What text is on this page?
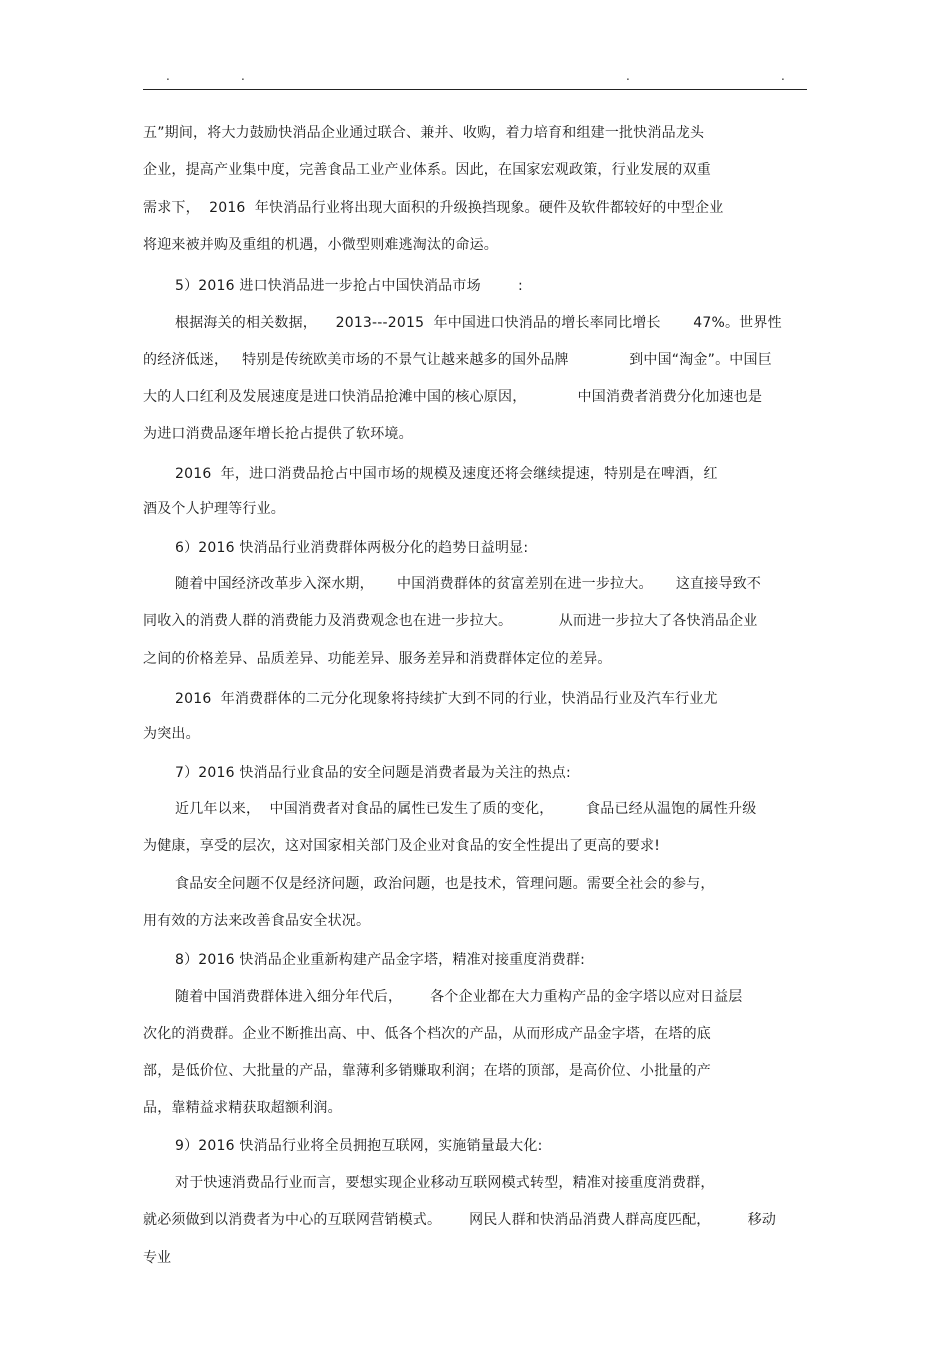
.	.	.	.
五”期间，将大力鼓励快消品企业通过联合、兼并、收购，着力培育和组建一批快消品龙头
企业，提高产业集中度，完善食品工业产业体系。因此，在国家宏观政策，行业发展的双重
需求下，  2016  年快消品行业将出现大面积的升级换挡现象。硬件及软件都较好的中型企业
将迎来被并购及重组的机遇，小微型则难逃淘汰的命运。
5）2016 进口快消品进一步抢占中国快消品市场        :
根据海关的相关数据，    2013---2015  年中国进口快消品的增长率同比增长       47%。世界性
的经济低迷，   特别是传统欧美市场的不景气让越来越多的国外品牌             到中国“淘金”。中国巨
大的人口红利及发展速度是进口快消品抢滩中国的核心原因，           中国消费者消费分化加速也是
为进口消费品逐年增长抢占提供了软环境。
2016  年，进口消费品抢占中国市场的规模及速度还将会继续提速，特别是在啤酒，红
酒及个人护理等行业。
6）2016 快消品行业消费群体两极分化的趋势日益明显:
随着中国经济改革步入深水期，     中国消费群体的贫富差别在进一步拉大。     这直接导致不
同收入的消费人群的消费能力及消费观念也在进一步拉大。          从而进一步拉大了各快消品企业
之间的价格差异、品质差异、功能差异、服务差异和消费群体定位的差异。
2016  年消费群体的二元分化现象将持续扩大到不同的行业，快消品行业及汽车行业尤
为突出。
7）2016 快消品行业食品的安全问题是消费者最为关注的热点:
近几年以来，  中国消费者对食品的属性已发生了质的变化，       食品已经从温饱的属性升级
为健康，享受的层次，这对国家相关部门及企业对食品的安全性提出了更高的要求!
食品安全问题不仅是经济问题，政治问题，也是技术，管理问题。需要全社会的参与，
用有效的方法来改善食品安全状况。
8）2016 快消品企业重新构建产品金字塔，精准对接重度消费群:
随着中国消费群体进入细分年代后，      各个企业都在大力重构产品的金字塔以应对日益层
次化的消费群。企业不断推出高、中、低各个档次的产品，从而形成产品金字塔，在塔的底
部，是低价位、大批量的产品，靠薄利多销赚取利润；在塔的顶部，是高价位、小批量的产
品，靠精益求精获取超额利润。
9）2016 快消品行业将全员拥抱互联网，实施销量最大化:
对于快速消费品行业而言，要想实现企业移动互联网模式转型，精准对接重度消费群，
就必须做到以消费者为中心的互联网营销模式。      网民人群和快消品消费人群高度匹配，        移动
专业
